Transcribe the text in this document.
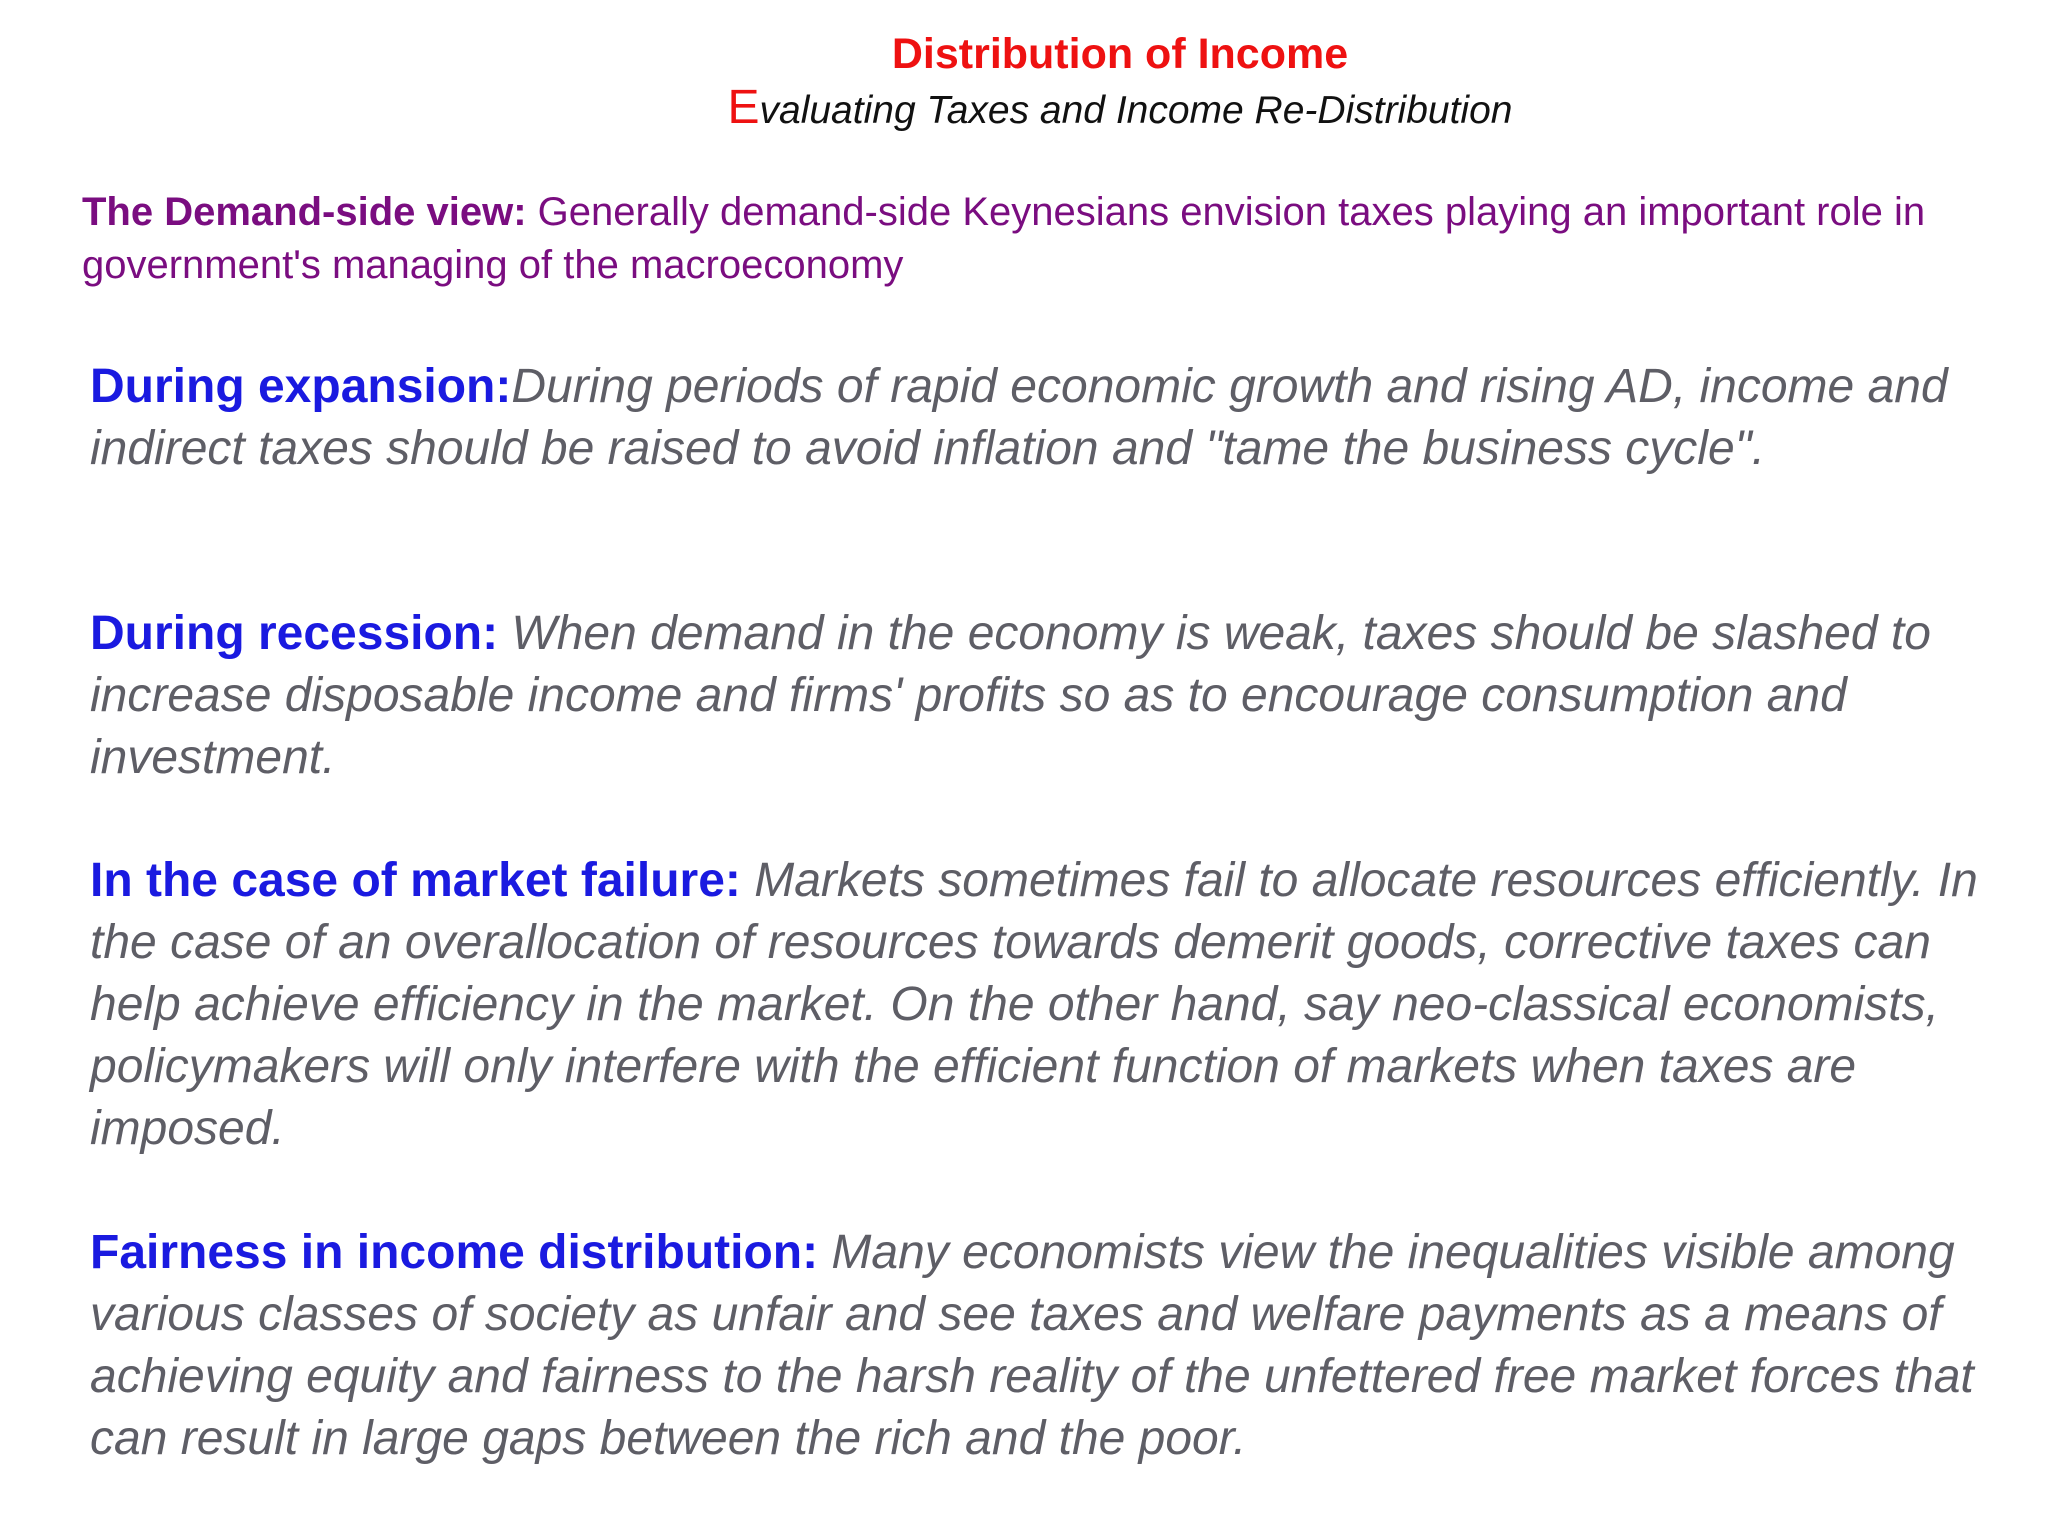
Distribution of Income
Evaluating Taxes and Income Re-Distribution
The Demand-side view: Generally demand-side Keynesians envision taxes playing an important role in government's managing of the macroeconomy
During expansion:During periods of rapid economic growth and rising AD, income and indirect taxes should be raised to avoid inflation and "tame the business cycle".
During recession: When demand in the economy is weak, taxes should be slashed to increase disposable income and firms' profits so as to encourage consumption and investment.
In the case of market failure: Markets sometimes fail to allocate resources efficiently. In the case of an overallocation of resources towards demerit goods, corrective taxes can help achieve efficiency in the market. On the other hand, say neo-classical economists, policymakers will only interfere with the efficient function of markets when taxes are imposed.
Fairness in income distribution: Many economists view the inequalities visible among various classes of society as unfair and see taxes and welfare payments as a means of achieving equity and fairness to the harsh reality of the unfettered free market forces that can result in large gaps between the rich and the poor.
